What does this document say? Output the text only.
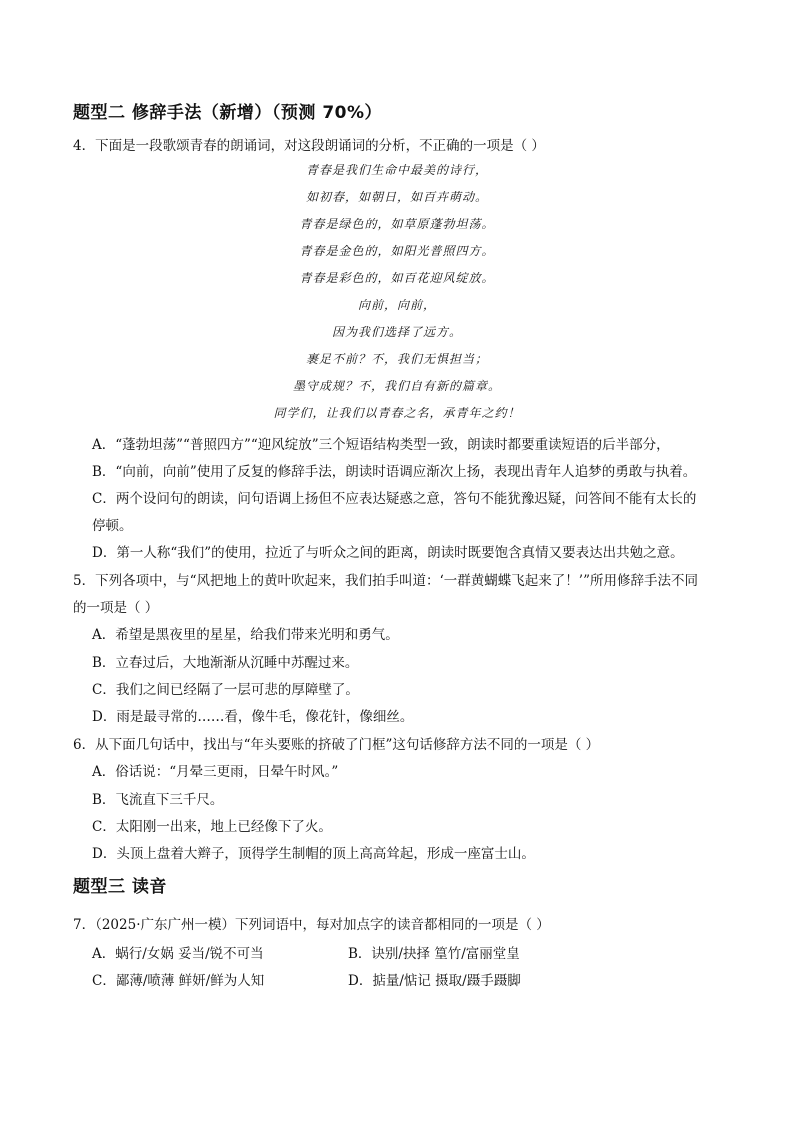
题型二 修辞手法（新增）（预测 70%）
4．下面是一段歌颂青春的朗诵词，对这段朗诵词的分析，不正确的一项是（ ）
青春是我们生命中最美的诗行，
如初春，如朝日，如百卉萌动。
青春是绿色的，如草原蓬勃坦荡。
青春是金色的，如阳光普照四方。
青春是彩色的，如百花迎风绽放。
向前，向前，
因为我们选择了远方。
裹足不前？不，我们无惧担当；
墨守成规？不，我们自有新的篇章。
同学们，让我们以青春之名，承青年之约！
A．“蓬勃坦荡”“普照四方”“迎风绽放”三个短语结构类型一致，朗读时都要重读短语的后半部分，
B．“向前，向前”使用了反复的修辞手法，朗读时语调应渐次上扬，表现出青年人追梦的勇敢与执着。
C．两个设问句的朗读，问句语调上扬但不应表达疑惑之意，答句不能犹豫迟疑，问答间不能有太长的
停顿。
D．第一人称“我们”的使用，拉近了与听众之间的距离，朗读时既要饱含真情又要表达出共勉之意。
5．下列各项中，与“风把地上的黄叶吹起来，我们拍手叫道：‘一群黄蝴蝶飞起来了！’”所用修辞手法不同
的一项是（ ）
A．希望是黑夜里的星星，给我们带来光明和勇气。
B．立春过后，大地渐渐从沉睡中苏醒过来。
C．我们之间已经隔了一层可悲的厚障壁了。
D．雨是最寻常的……看，像牛毛，像花针，像细丝。
6．从下面几句话中，找出与“年头要账的挤破了门框”这句话修辞方法不同的一项是（ ）
A．俗话说：“月晕三更雨，日晕午时风。”
B．飞流直下三千尺。
C．太阳刚一出来，地上已经像下了火。
D．头顶上盘着大辫子，顶得学生制帽的顶上高高耸起，形成一座富士山。
题型三 读音
7．（2025·广东广州一模）下列词语中，每对加点字的读音都相同的一项是（ ）
A．蜗行/女娲 妥当/锐不可当	B．诀别/抉择 篁竹/富丽堂皇
C．鄙薄/喷薄 鲜妍/鲜为人知	D．掂量/惦记 摄取/蹑手蹑脚
